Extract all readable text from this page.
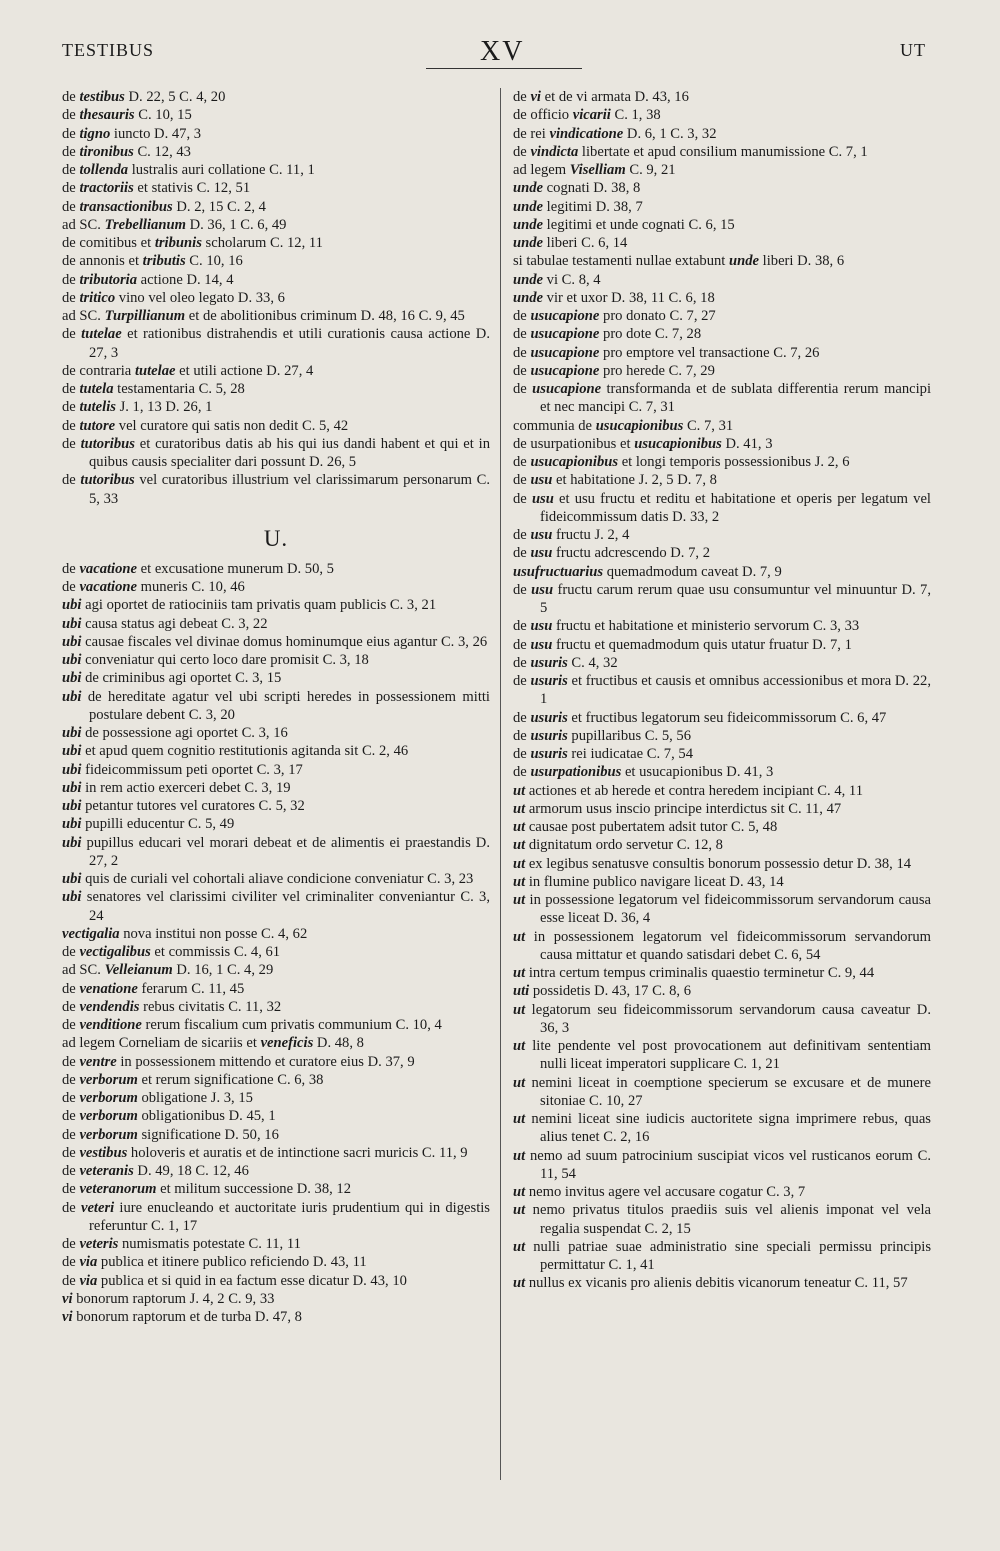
TESTIBUS	XV	UT

de testibus D. 22, 5 C. 4, 20

de thesauris C. 10, 15

de tigno iuncto D. 47, 3

de tironibus C. 12, 43

de tollenda lustralis auri collatione C. 11, 1

de tractoriis et stativis C. 12, 51

de transactionibus D. 2, 15 C. 2, 4

ad SC. Trebellianum D. 36, 1 C. 6, 49

de comitibus et tribunis scholarum C. 12, 11

de annonis et tributis C. 10, 16

de tributoria actione D. 14, 4

de tritico vino vel oleo legato D. 33, 6

ad SC. Turpillianum et de abolitionibus criminum D. 48, 16 C. 9, 45

de tutelae et rationibus distrahendis et utili curationis causa actione D. 27, 3

de contraria tutelae et utili actione D. 27, 4

de tutela testamentaria C. 5, 28

de tutelis J. 1, 13 D. 26, 1

de tutore vel curatore qui satis non dedit C. 5, 42

de tutoribus et curatoribus datis ab his qui ius dandi habent et qui et in quibus causis specialiter dari possunt D. 26, 5

de tutoribus vel curatoribus illustrium vel clarissimarum personarum C. 5, 33

U.

de vacatione et excusatione munerum D. 50, 5

de vacatione muneris C. 10, 46

ubi agi oportet de ratiociniis tam privatis quam publicis C. 3, 21

ubi causa status agi debeat C. 3, 22

ubi causae fiscales vel divinae domus hominumque eius agantur C. 3, 26

ubi conveniatur qui certo loco dare promisit C. 3, 18

ubi de criminibus agi oportet C. 3, 15

ubi de hereditate agatur vel ubi scripti heredes in possessionem mitti postulare debent C. 3, 20

ubi de possessione agi oportet C. 3, 16

ubi et apud quem cognitio restitutionis agitanda sit C. 2, 46

ubi fideicommissum peti oportet C. 3, 17

ubi in rem actio exerceri debet C. 3, 19

ubi petantur tutores vel curatores C. 5, 32

ubi pupilli educentur C. 5, 49

ubi pupillus educari vel morari debeat et de alimentis ei praestandis D. 27, 2

ubi quis de curiali vel cohortali aliave condicione conveniatur C. 3, 23

ubi senatores vel clarissimi civiliter vel criminaliter conveniantur C. 3, 24

vectigalia nova institui non posse C. 4, 62

de vectigalibus et commissis C. 4, 61

ad SC. Velleianum D. 16, 1 C. 4, 29

de venatione ferarum C. 11, 45

de vendendis rebus civitatis C. 11, 32

de venditione rerum fiscalium cum privatis communium C. 10, 4

ad legem Corneliam de sicariis et veneficis D. 48, 8

de ventre in possessionem mittendo et curatore eius D. 37, 9

de verborum et rerum significatione C. 6, 38

de verborum obligatione J. 3, 15

de verborum obligationibus D. 45, 1

de verborum significatione D. 50, 16

de vestibus holoveris et auratis et de intinctione sacri muricis C. 11, 9

de veteranis D. 49, 18 C. 12, 46

de veteranorum et militum successione D. 38, 12

de veteri iure enucleando et auctoritate iuris prudentium qui in digestis referuntur C. 1, 17

de veteris numismatis potestate C. 11, 11

de via publica et itinere publico reficiendo D. 43, 11

de via publica et si quid in ea factum esse dicatur D. 43, 10

vi bonorum raptorum J. 4, 2 C. 9, 33

vi bonorum raptorum et de turba D. 47, 8

de vi et de vi armata D. 43, 16

de officio vicarii C. 1, 38

de rei vindicatione D. 6, 1 C. 3, 32

de vindicta libertate et apud consilium manumissione C. 7, 1

ad legem Viselliam C. 9, 21

unde cognati D. 38, 8

unde legitimi D. 38, 7

unde legitimi et unde cognati C. 6, 15

unde liberi C. 6, 14

si tabulae testamenti nullae extabunt unde liberi D. 38, 6

unde vi C. 8, 4

unde vir et uxor D. 38, 11 C. 6, 18

de usucapione pro donato C. 7, 27

de usucapione pro dote C. 7, 28

de usucapione pro emptore vel transactione C. 7, 26

de usucapione pro herede C. 7, 29

de usucapione transformanda et de sublata differentia rerum mancipi et nec mancipi C. 7, 31

communia de usucapionibus C. 7, 31

de usurpationibus et usucapionibus D. 41, 3

de usucapionibus et longi temporis possessionibus J. 2, 6

de usu et habitatione J. 2, 5 D. 7, 8

de usu et usu fructu et reditu et habitatione et operis per legatum vel fideicommissum datis D. 33, 2

de usu fructu J. 2, 4

de usu fructu adcrescendo D. 7, 2

usufructuarius quemadmodum caveat D. 7, 9

de usu fructu carum rerum quae usu consumuntur vel minuuntur D. 7, 5

de usu fructu et habitatione et ministerio servorum C. 3, 33

de usu fructu et quemadmodum quis utatur fruatur D. 7, 1

de usuris C. 4, 32

de usuris et fructibus et causis et omnibus accessionibus et mora D. 22, 1

de usuris et fructibus legatorum seu fideicommissorum C. 6, 47

de usuris pupillaribus C. 5, 56

de usuris rei iudicatae C. 7, 54

de usurpationibus et usucapionibus D. 41, 3

ut actiones et ab herede et contra heredem incipiant C. 4, 11

ut armorum usus inscio principe interdictus sit C. 11, 47

ut causae post pubertatem adsit tutor C. 5, 48

ut dignitatum ordo servetur C. 12, 8

ut ex legibus senatusve consultis bonorum possessio detur D. 38, 14

ut in flumine publico navigare liceat D. 43, 14

ut in possessione legatorum vel fideicommissorum servandorum causa esse liceat D. 36, 4

ut in possessionem legatorum vel fideicommissorum servandorum causa mittatur et quando satisdari debet C. 6, 54

ut intra certum tempus criminalis quaestio terminetur C. 9, 44

uti possidetis D. 43, 17 C. 8, 6

ut legatorum seu fideicommissorum servandorum causa caveatur D. 36, 3

ut lite pendente vel post provocationem aut definitivam sententiam nulli liceat imperatori supplicare C. 1, 21

ut nemini liceat in coemptione specierum se excusare et de munere sitoniae C. 10, 27

ut nemini liceat sine iudicis auctoritete signa imprimere rebus, quas alius tenet C. 2, 16

ut nemo ad suum patrocinium suscipiat vicos vel rusticanos eorum C. 11, 54

ut nemo invitus agere vel accusare cogatur C. 3, 7

ut nemo privatus titulos praediis suis vel alienis imponat vel vela regalia suspendat C. 2, 15

ut nulli patriae suae administratio sine speciali permissu principis permittatur C. 1, 41

ut nullus ex vicanis pro alienis debitis vicanorum teneatur C. 11, 57
